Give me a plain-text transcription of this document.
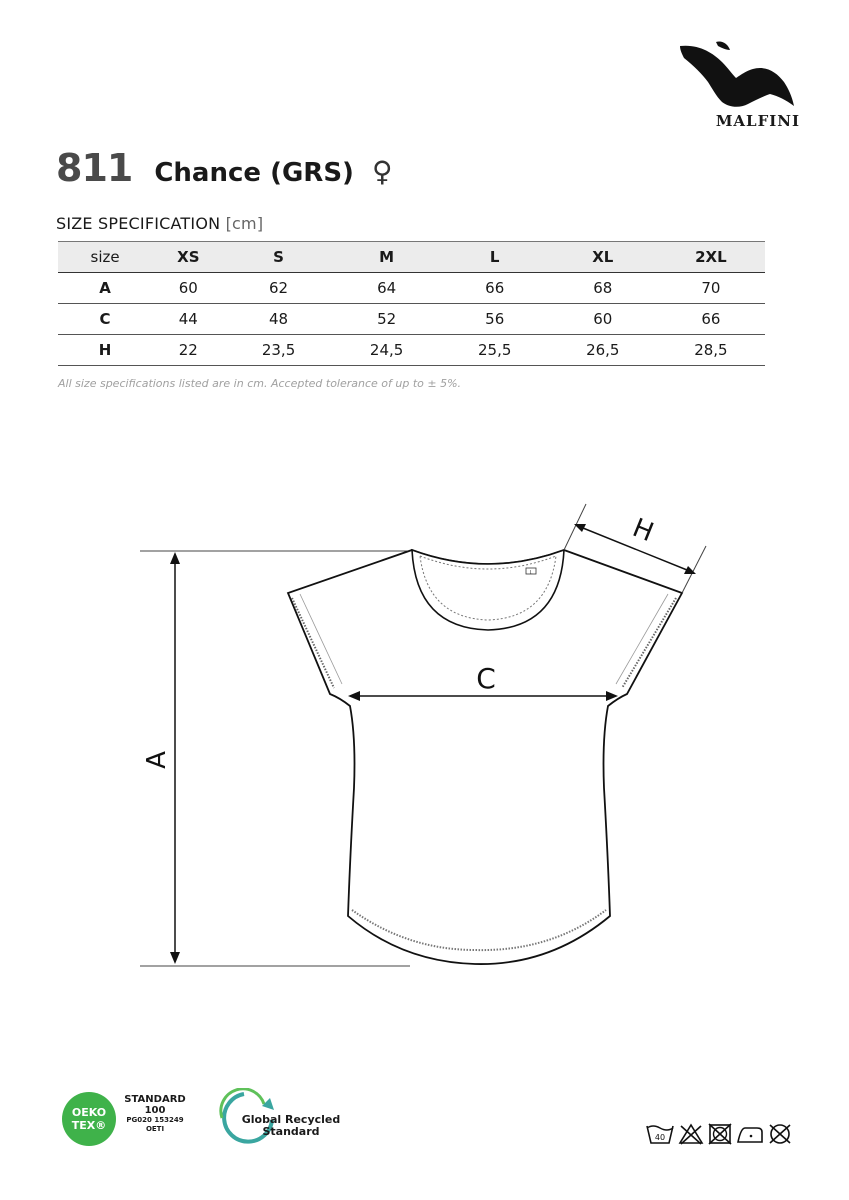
MALFINI
811 Chance (GRS) ♀
SIZE SPECIFICATION [cm]
size	XS	S	M	L	XL	2XL
A	60	62	64	66	68	70
C	44	48	52	56	60	66
H	22	23,5	24,5	25,5	26,5	28,5
All size specifications listed are in cm. Accepted tolerance of up to ± 5%.
A
L
C
H
OEKO
TEX®
STANDARD
100
PG020 153249
OETI
Global Recycled
Standard	40
